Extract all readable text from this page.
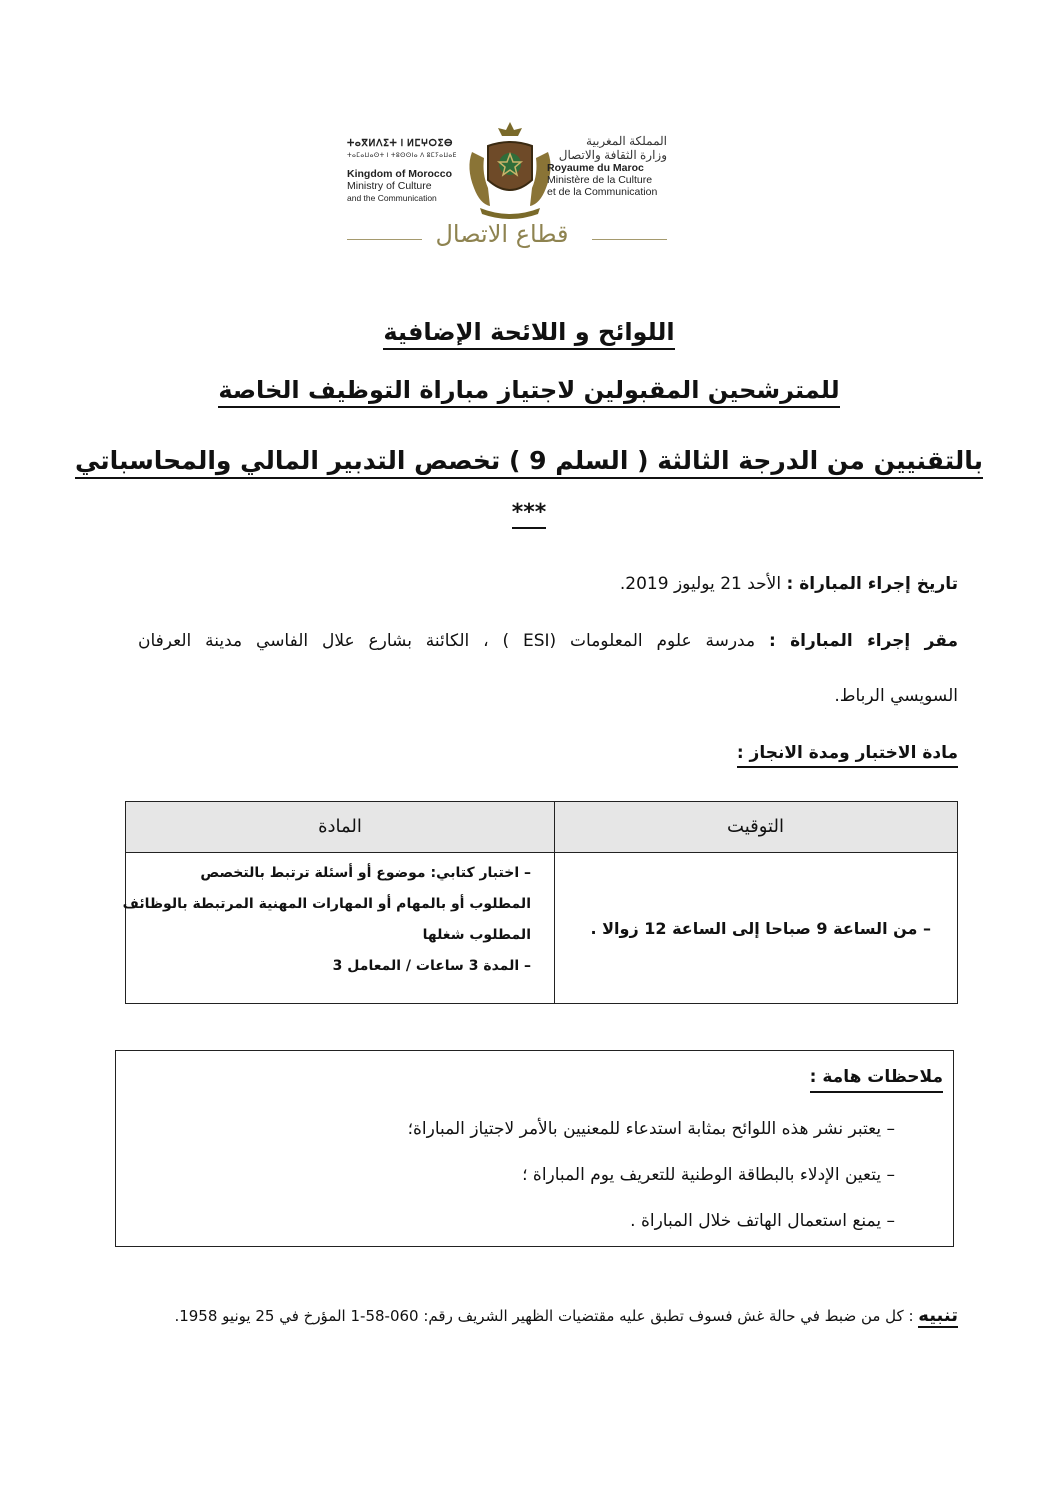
ⵜⴰⴳⵍⴷⵉⵜ ⵏ ⵍⵎⵖⵔⵉⴱ
ⵜⴰⵎⴰⵡⴰⵙⵜ ⵏ ⵜⵓⵙⵙⵏⴰ ⴷ ⵓⵎⵢⴰⵡⴰⴹ
Kingdom of Morocco
Ministry of Culture
and the Communication
المملكة المغربية
وزارة الثقافة والاتصال
Royaume du Maroc
Ministère de la Culture
et de la Communication
قطاع الاتصال
اللوائح و اللائحة الإضافية
للمترشحين المقبولين لاجتياز مباراة التوظيف الخاصة
بالتقنيين من الدرجة الثالثة ( السلم 9 ) تخصص التدبير المالي والمحاسباتي
***
تاريخ إجراء المباراة : الأحد 21 يوليوز 2019.
مقر إجراء المباراة : مدرسة علوم المعلومات (ESI ) ، الكائنة بشارع علال الفاسي مدينة العرفان
السويسي الرباط.
مادة الاختبار ومدة الانجاز :
التوقيت
المادة
– من الساعة 9 صباحا إلى الساعة 12 زوالا .
– اختبار كتابي: موضوع أو أسئلة ترتبط بالتخصص
المطلوب أو بالمهام أو المهارات المهنية المرتبطة بالوظائف
المطلوب شغلها
– المدة 3 ساعات / المعامل 3
ملاحظات هامة :
– يعتبر نشر هذه اللوائح بمثابة استدعاء للمعنيين بالأمر لاجتياز المباراة؛
– يتعين الإدلاء بالبطاقة الوطنية للتعريف يوم المباراة ؛
– يمنع استعمال الهاتف خلال المباراة .
تنبيه : كل من ضبط في حالة غش فسوف تطبق عليه مقتضيات الظهير الشريف رقم: 060-58-1 المؤرخ في 25 يونيو 1958.
